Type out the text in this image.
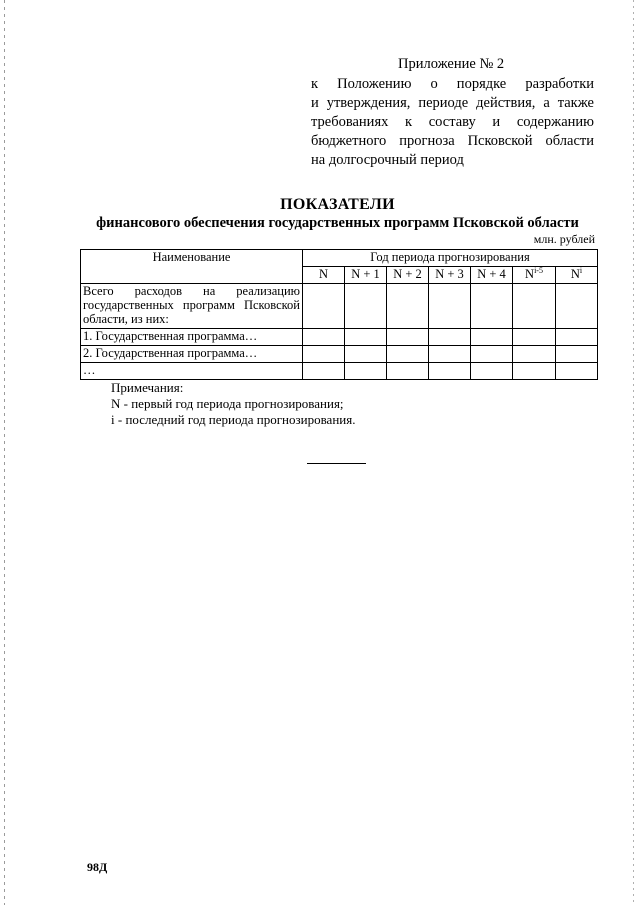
Приложение № 2
к Положению о порядке разработки
и утверждения, периоде действия, а также
требованиях к составу и содержанию
бюджетного прогноза Псковской области
на долгосрочный период
ПОКАЗАТЕЛИ
финансового обеспечения государственных программ Псковской области
млн. рублей
Наименование	Год периода прогнозирования						
	N	N + 1	N + 2	N + 3	N + 4	$N^{i-5}$	$N^i$
Всего расходов на реализацию государственных программ Псковской области, из них:							
1. Государственная программа…							
2. Государственная программа…							
…							
Примечания:
N - первый год периода прогнозирования;
i - последний год периода прогнозирования.
98Д
